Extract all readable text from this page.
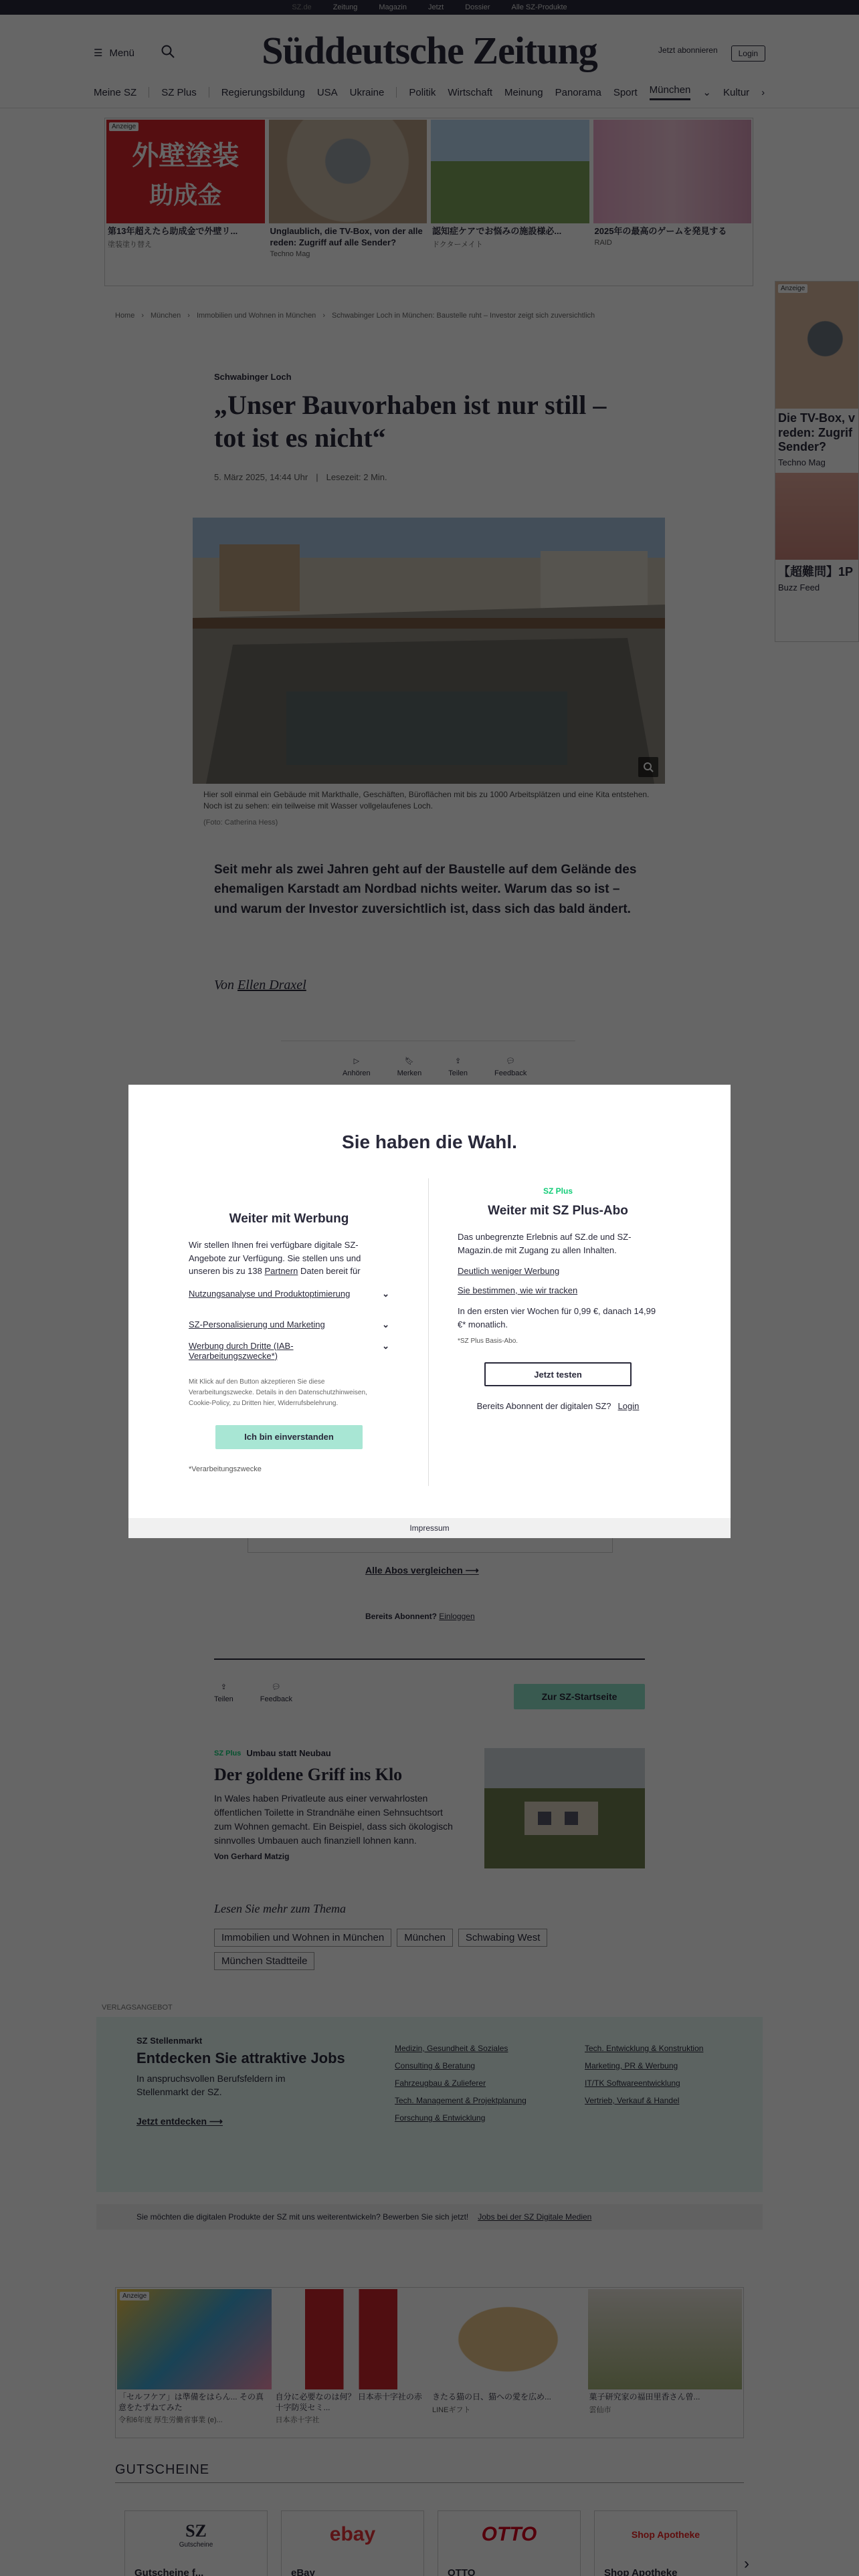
Sie haben die Wahl.
Weiter mit Werbung

Wir stellen Ihnen frei verfügbare digitale SZ-Angebote zur Verfügung. Sie stellen uns und unseren bis zu 138 Partnern Daten bereit für

Nutzungsanalyse und Produktoptimierung	⌄
SZ-Personalisierung und Marketing	⌄
Werbung durch Dritte (IAB-Verarbeitungszwecke*)
⌄
Mit Klick auf den Button akzeptieren Sie diese Verarbeitungszwecke. Details in den Datenschutzhinweisen, Cookie-Policy, zu Dritten hier, Widerrufsbelehrung.
Ich bin einverstanden
*Verarbeitungszwecke
SZ Plus
Weiter mit SZ Plus-Abo

Das unbegrenzte Erlebnis auf SZ.de und SZ-Magazin.de mit Zugang zu allen Inhalten.

Deutlich weniger Werbung
Sie bestimmen, wie wir tracken

In den ersten vier Wochen für 0,99 €, danach 14,99 €* monatlich.

*SZ Plus Basis-Abo.
Jetzt testen
Bereits Abonnent der digitalen SZ? Login
Impressum
